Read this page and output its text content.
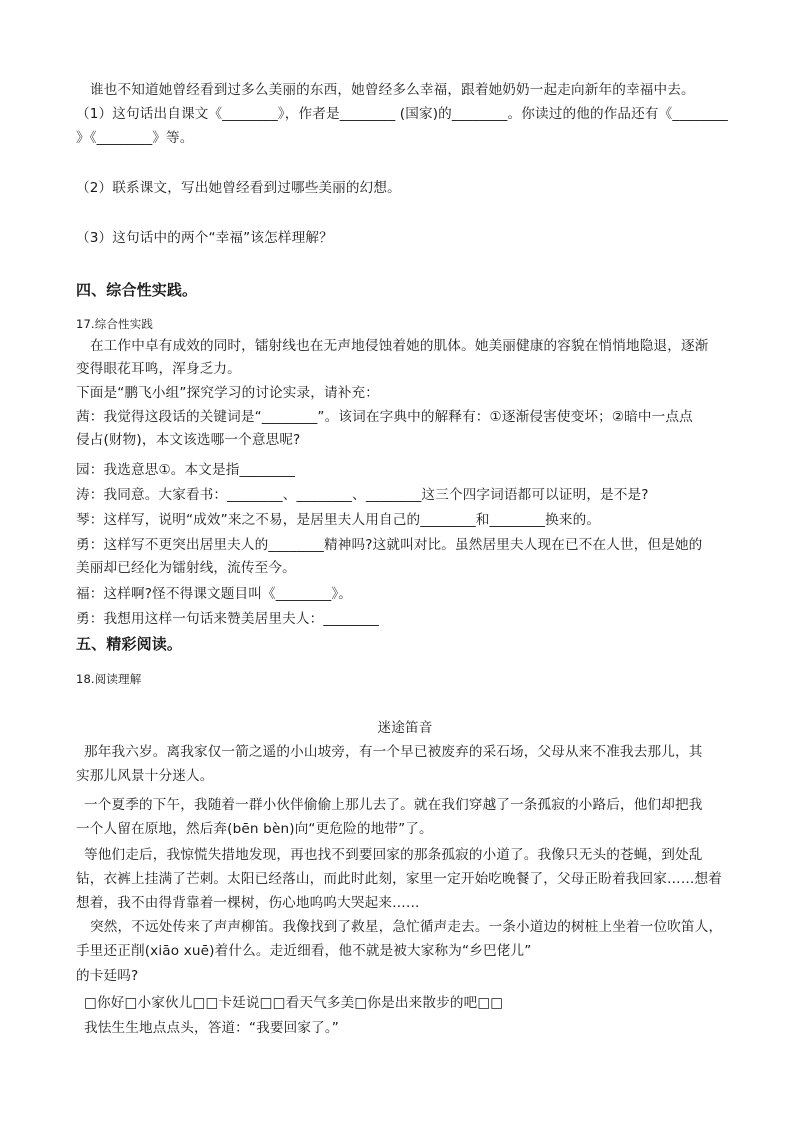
谁也不知道她曾经看到过多么美丽的东西，她曾经多么幸福，跟着她奶奶一起走向新年的幸福中去。
（1）这句话出自课文《________》，作者是________ (国家)的________。你读过的他的作品还有《________
》《________》等。
（2）联系课文，写出她曾经看到过哪些美丽的幻想。
（3）这句话中的两个“幸福”该怎样理解？
四、综合性实践。
17.综合性实践
在工作中卓有成效的同时，镭射线也在无声地侵蚀着她的肌体。她美丽健康的容貌在悄悄地隐退，逐渐
变得眼花耳鸣，浑身乏力。
下面是“鹏飞小组”探究学习的讨论实录，请补充：
茜：我觉得这段话的关键词是“________”。该词在字典中的解释有：①逐渐侵害使变坏；②暗中一点点
侵占(财物)，本文该选哪一个意思呢?
园：我选意思①。本文是指________
涛：我同意。大家看书：________、________、________这三个四字词语都可以证明，是不是?
琴：这样写，说明“成效”来之不易，是居里夫人用自己的________和________换来的。
勇：这样写不更突出居里夫人的________精神吗?这就叫对比。虽然居里夫人现在已不在人世，但是她的
美丽却已经化为镭射线，流传至今。
福：这样啊?怪不得课文题目叫《________》。
勇：我想用这样一句话来赞美居里夫人：________
五、精彩阅读。
18.阅读理解
迷途笛音
那年我六岁。离我家仅一箭之遥的小山坡旁，有一个早已被废弃的采石场，父母从来不准我去那儿，其
实那儿风景十分迷人。
一个夏季的下午，我随着一群小伙伴偷偷上那儿去了。就在我们穿越了一条孤寂的小路后，他们却把我
一个人留在原地，然后奔(bēn bèn)向“更危险的地带”了。
等他们走后，我惊慌失措地发现，再也找不到要回家的那条孤寂的小道了。我像只无头的苍蝇，到处乱
钻，衣裤上挂满了芒刺。太阳已经落山，而此时此刻，家里一定开始吃晚餐了，父母正盼着我回家……想着
想着，我不由得背靠着一棵树，伤心地呜呜大哭起来……
突然，不远处传来了声声柳笛。我像找到了救星，急忙循声走去。一条小道边的树桩上坐着一位吹笛人，
手里还正削(xiāo xuē)着什么。走近细看，他不就是被大家称为“乡巴佬儿”
的卡廷吗?
□你好□小家伙儿□□卡廷说□□看天气多美□你是出来散步的吧□□
我怯生生地点点头，答道：“我要回家了。”
